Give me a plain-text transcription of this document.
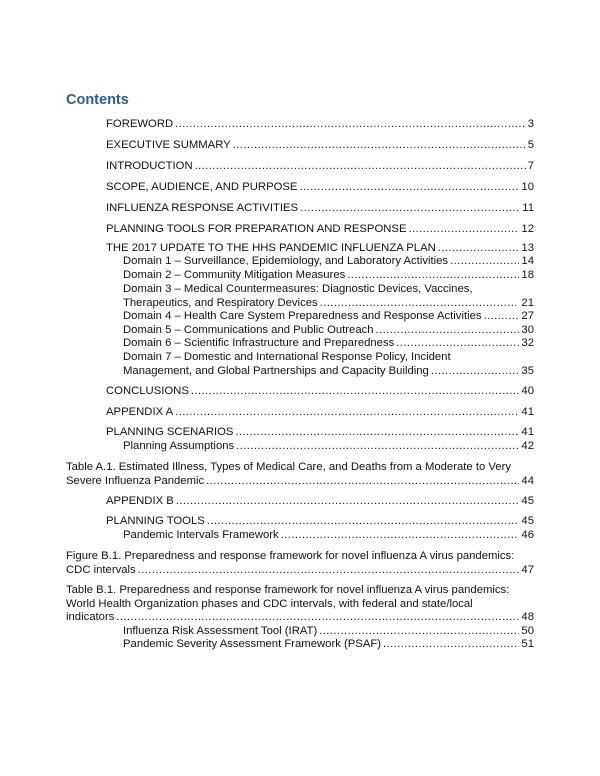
Contents
FOREWORD .....	3
EXECUTIVE SUMMARY .....	5
INTRODUCTION .....	7
SCOPE, AUDIENCE, AND PURPOSE .....	10
INFLUENZA RESPONSE ACTIVITIES .....	11
PLANNING TOOLS FOR PREPARATION AND RESPONSE .....	12
THE 2017 UPDATE TO THE HHS PANDEMIC INFLUENZA PLAN .....	13
Domain 1 – Surveillance, Epidemiology, and Laboratory Activities .....	14
Domain 2 – Community Mitigation Measures .....	18
Domain 3 – Medical Countermeasures: Diagnostic Devices, Vaccines,
Therapeutics, and Respiratory Devices .....	21
Domain 4 – Health Care System Preparedness and Response Activities .....	27
Domain 5 – Communications and Public Outreach .....	30
Domain 6 – Scientific Infrastructure and Preparedness .....	32
Domain 7 – Domestic and International Response Policy, Incident
Management, and Global Partnerships and Capacity Building .....	35
CONCLUSIONS .....	40
APPENDIX A .....	41
PLANNING SCENARIOS .....	41
Planning Assumptions .....	42
Table A.1. Estimated Illness, Types of Medical Care, and Deaths from a Moderate to Very
Severe Influenza Pandemic .....	44
APPENDIX B .....	45
PLANNING TOOLS .....	45
Pandemic Intervals Framework .....	46
Figure B.1. Preparedness and response framework for novel influenza A virus pandemics:
CDC intervals .....	47
Table B.1. Preparedness and response framework for novel influenza A virus pandemics:
World Health Organization phases and CDC intervals, with federal and state/local
indicators .....	48
Influenza Risk Assessment Tool (IRAT) .....	50
Pandemic Severity Assessment Framework (PSAF) .....	51
